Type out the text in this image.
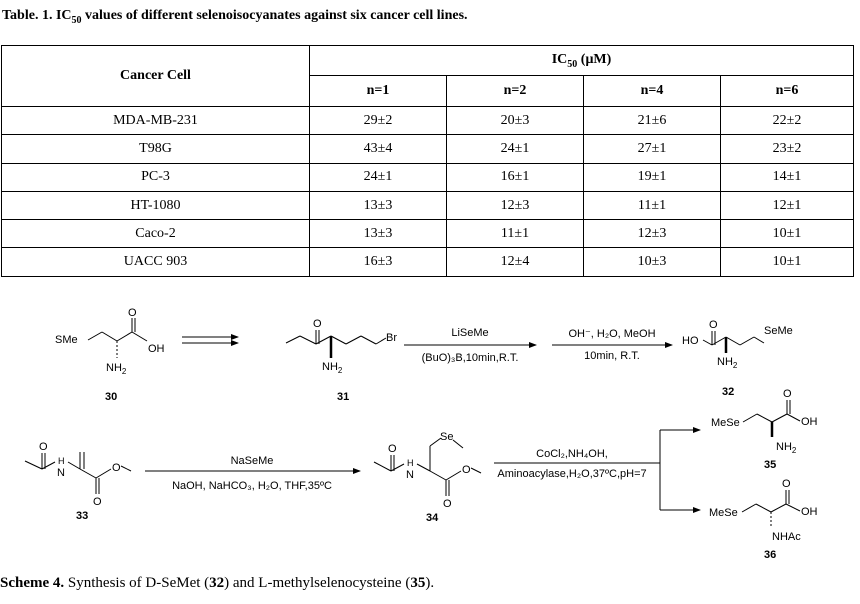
Table. 1. $IC_{50}$ values of different selenoisocyanates against six cancer cell lines.
Cancer Cell	$IC_{50}$ (μM)			
	n=1	n=2	n=4	n=6
MDA-MB-231	29±2	20±3	21±6	22±2
T98G	43±4	24±1	27±1	23±2
PC-3	24±1	16±1	19±1	14±1
HT-1080	13±3	12±3	11±1	12±1
Caco-2	13±3	11±1	12±3	10±1
UACC 903	16±3	12±4	10±3	10±1
SMe
OH
O
$NH_2$
30
O
$NH_2$
Br
31
LiSeMe
(BuO)₃B,10min,R.T.
OH⁻, H₂O, MeOH
10min, R.T.
HO
O	SeMe
$NH_2$
32
O
H
N
O
O
33
NaSeMe
NaOH, NaHCO₃, H₂O, THF,35ºC
O
H
N
Se
O
O
34
CoCl₂,NH₄OH,
Aminoacylase,H₂O,37ºC,pH=7
MeSe
O
OH
$NH_2$
35
MeSe
O
OH
NHAc
36
Scheme 4. Synthesis of D-SeMet (32) and L-methylselenocysteine (35).
